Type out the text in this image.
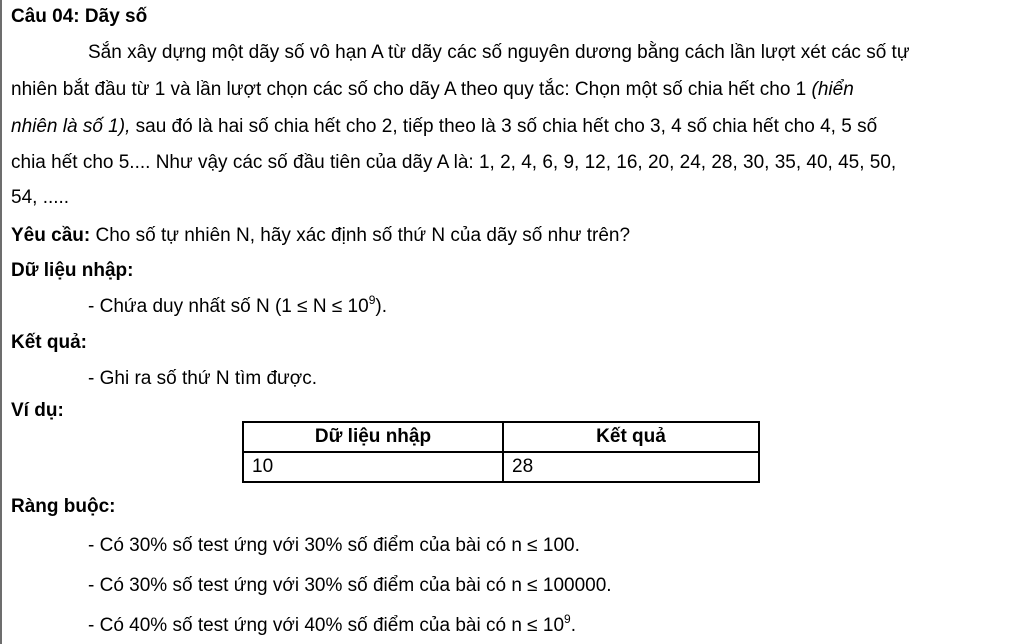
Câu 04: Dãy số
Sắn xây dựng một dãy số vô hạn A từ dãy các số nguyên dương bằng cách lần lượt xét các số tự
nhiên bắt đầu từ 1 và lần lượt chọn các số cho dãy A theo quy tắc: Chọn một số chia hết cho 1 (hiển
nhiên là số 1), sau đó là hai số chia hết cho 2, tiếp theo là 3 số chia hết cho 3, 4 số chia hết cho 4, 5 số
chia hết cho 5.... Như vậy các số đầu tiên của dãy A là: 1, 2, 4, 6, 9, 12, 16, 20, 24, 28, 30, 35, 40, 45, 50,
54, .....
Yêu cầu: Cho số tự nhiên N, hãy xác định số thứ N của dãy số như trên?
Dữ liệu nhập:
- Chứa duy nhất số N $(1 \le N \le 10^9)$.
Kết quả:
- Ghi ra số thứ N tìm được.
Ví dụ:
Dữ liệu nhập	Kết quả
10	28
Ràng buộc:
- Có 30% số test ứng với 30% số điểm của bài có n ≤ 100.
- Có 30% số test ứng với 30% số điểm của bài có n ≤ 100000.
- Có 40% số test ứng với 40% số điểm của bài có $n \le 10^9$.
